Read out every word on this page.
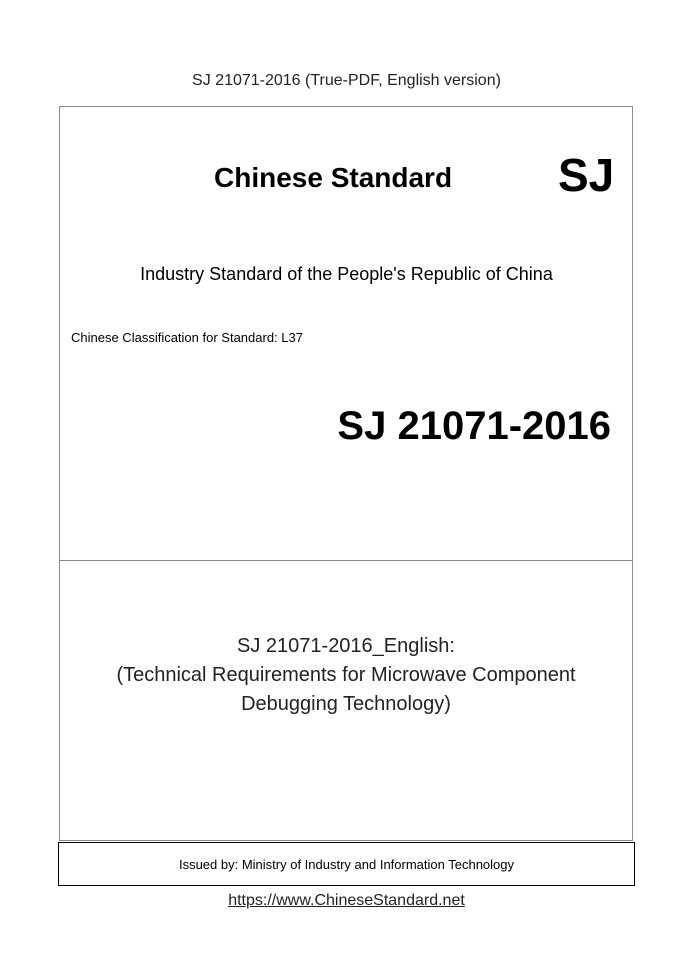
SJ 21071-2016 (True-PDF, English version)
Chinese Standard SJ
Industry Standard of the People's Republic of China
Chinese Classification for Standard: L37
SJ 21071-2016
SJ 21071-2016_English:
(Technical Requirements for Microwave Component
Debugging Technology)
Issued by: Ministry of Industry and Information Technology
https://www.ChineseStandard.net
